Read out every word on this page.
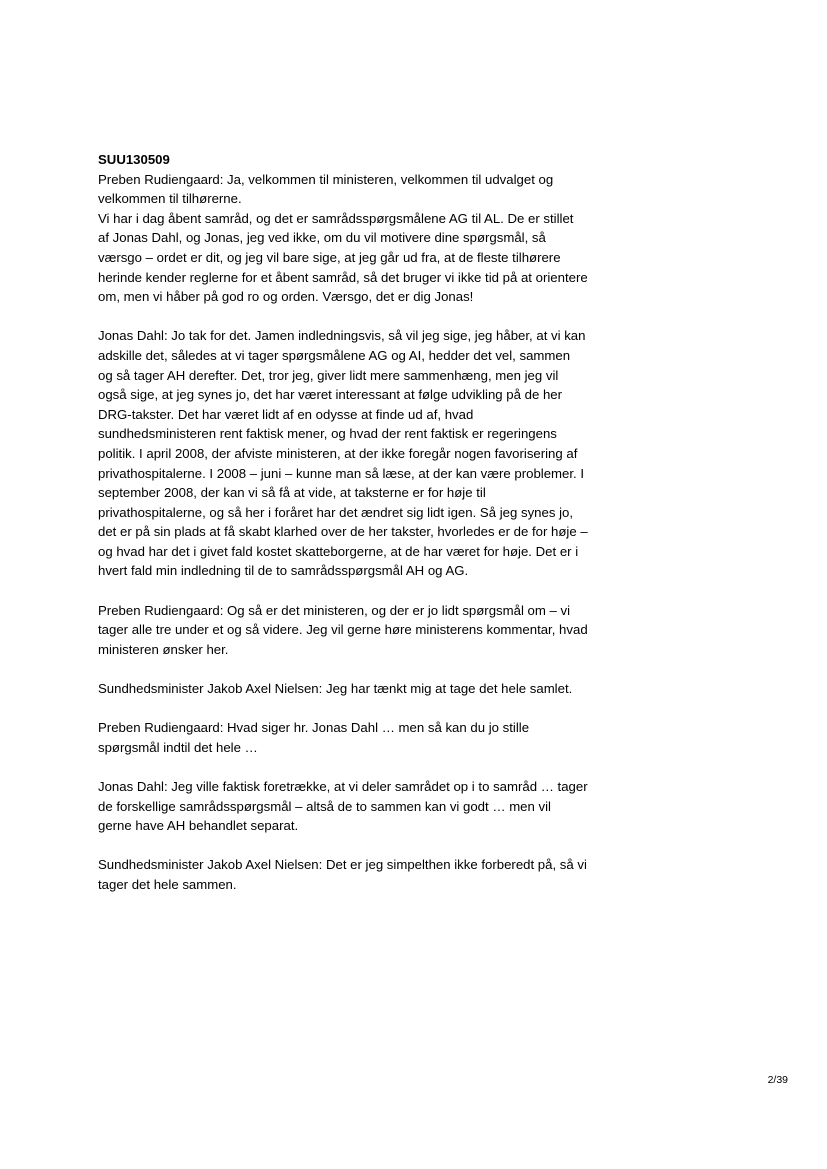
SUU130509

Preben Rudiengaard: Ja, velkommen til ministeren, velkommen til udvalget og velkommen til tilhørerne.

Vi har i dag åbent samråd, og det er samrådsspørgsmålene AG til AL. De er stillet af Jonas Dahl, og Jonas, jeg ved ikke, om du vil motivere dine spørgsmål, så værsgo – ordet er dit, og jeg vil bare sige, at jeg går ud fra, at de fleste tilhørere herinde kender reglerne for et åbent samråd, så det bruger vi ikke tid på at orientere om, men vi håber på god ro og orden. Værsgo, det er dig Jonas!

Jonas Dahl: Jo tak for det. Jamen indledningsvis, så vil jeg sige, jeg håber, at vi kan adskille det, således at vi tager spørgsmålene AG og AI, hedder det vel, sammen og så tager AH derefter. Det, tror jeg, giver lidt mere sammenhæng, men jeg vil også sige, at jeg synes jo, det har været interessant at følge udvikling på de her DRG-takster. Det har været lidt af en odysse at finde ud af, hvad sundhedsministeren rent faktisk mener, og hvad der rent faktisk er regeringens politik. I april 2008, der afviste ministeren, at der ikke foregår nogen favorisering af privathospitalerne. I 2008 – juni – kunne man så læse, at der kan være problemer. I september 2008, der kan vi så få at vide, at taksterne er for høje til privathospitalerne, og så her i foråret har det ændret sig lidt igen. Så jeg synes jo, det er på sin plads at få skabt klarhed over de her takster, hvorledes er de for høje – og hvad har det i givet fald kostet skatteborgerne, at de har været for høje. Det er i hvert fald min indledning til de to samrådsspørgsmål AH og AG.

Preben Rudiengaard: Og så er det ministeren, og der er jo lidt spørgsmål om – vi tager alle tre under et og så videre. Jeg vil gerne høre ministerens kommentar, hvad ministeren ønsker her.

Sundhedsminister Jakob Axel Nielsen: Jeg har tænkt mig at tage det hele samlet.

Preben Rudiengaard: Hvad siger hr. Jonas Dahl … men så kan du jo stille spørgsmål indtil det hele …

Jonas Dahl: Jeg ville faktisk foretrække, at vi deler samrådet op i to samråd … tager de forskellige samrådsspørgsmål – altså de to sammen kan vi godt … men vil gerne have AH behandlet separat.

Sundhedsminister Jakob Axel Nielsen: Det er jeg simpelthen ikke forberedt på, så vi tager det hele sammen.

2/39
